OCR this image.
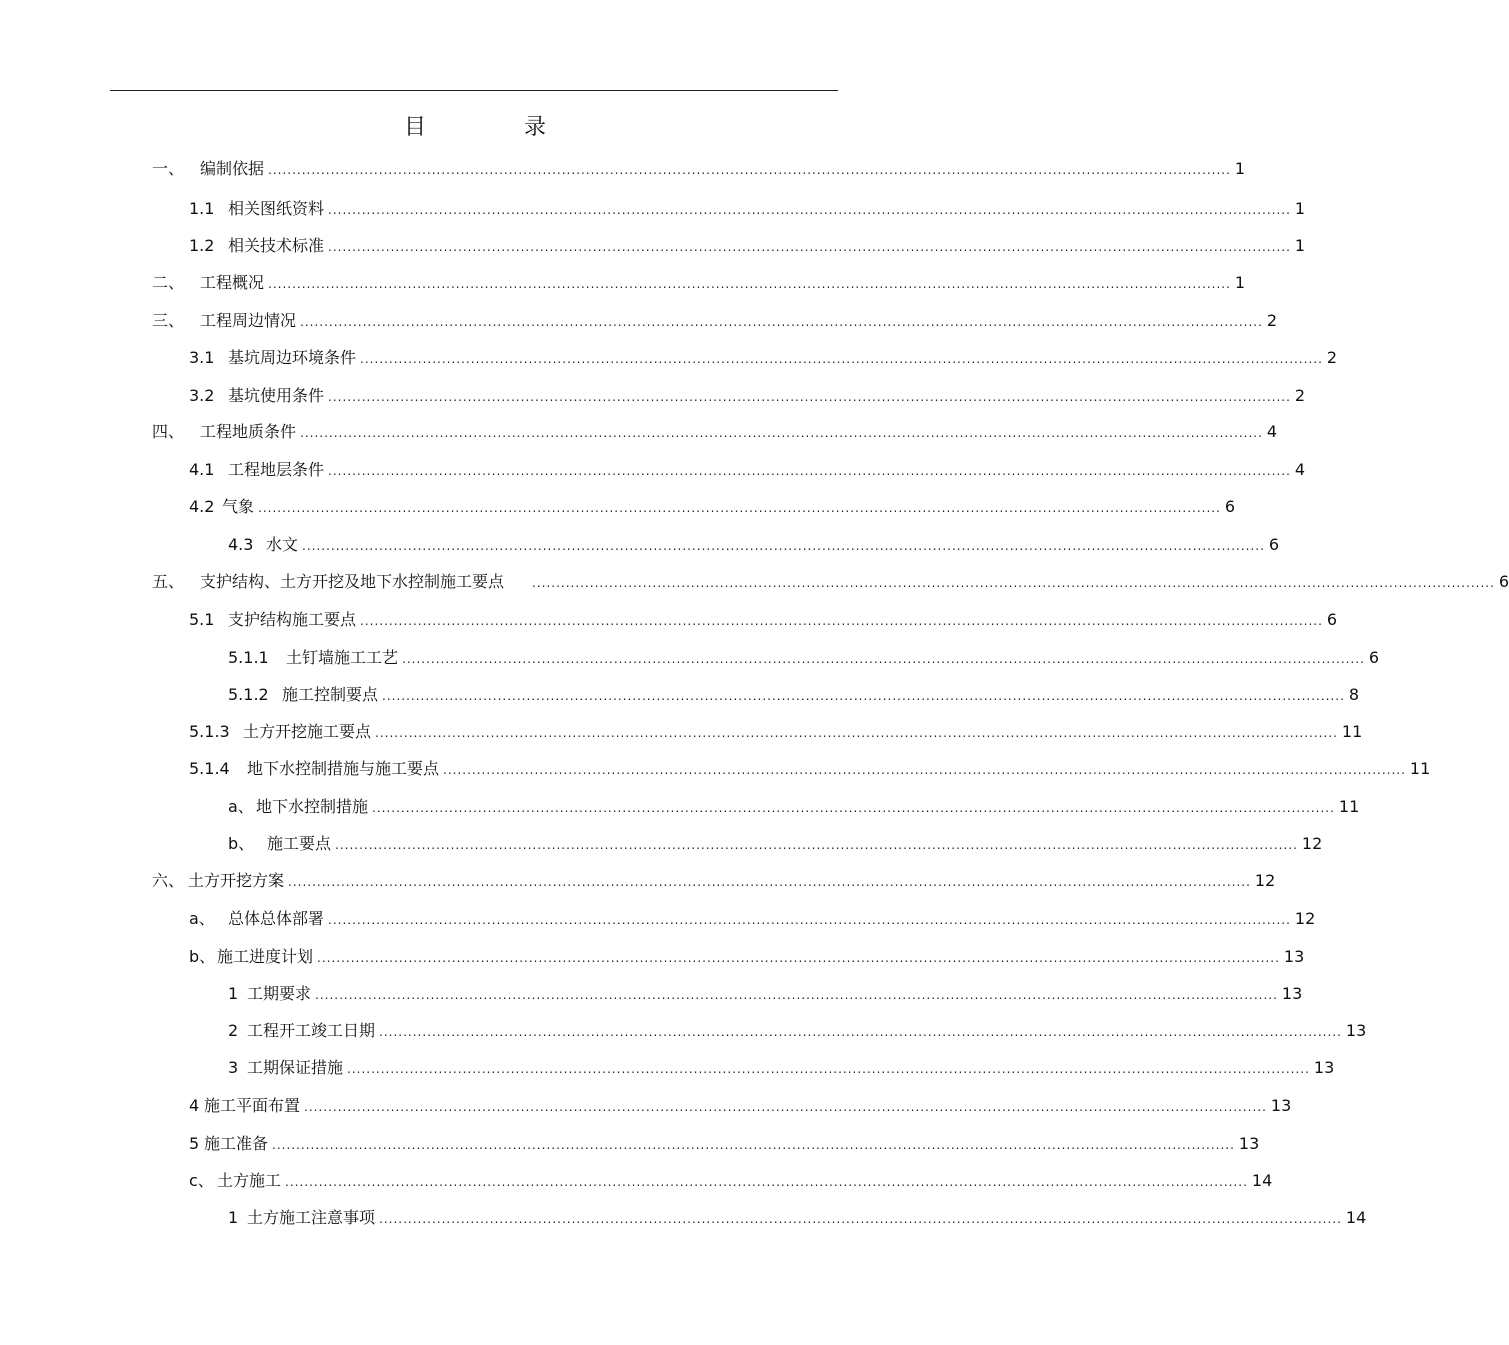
目　录
一、 编制依据 ........................................................................................................................................................................................................ 1
1.1 相关图纸资料 ........................................................................................................................................................................................................ 1
1.2 相关技术标准 ........................................................................................................................................................................................................ 1
二、 工程概况 ........................................................................................................................................................................................................ 1
三、 工程周边情况 ........................................................................................................................................................................................................ 2
3.1 基坑周边环境条件 ........................................................................................................................................................................................................ 2
3.2 基坑使用条件 ........................................................................................................................................................................................................ 2
四、 工程地质条件 ........................................................................................................................................................................................................ 4
4.1 工程地层条件 ........................................................................................................................................................................................................ 4
4.2 气象 ........................................................................................................................................................................................................ 6
4.3 水文 ........................................................................................................................................................................................................ 6
五、 支护结构、土方开挖及地下水控制施工要点 ........................................................................................................................................................................................................ 6
5.1 支护结构施工要点 ........................................................................................................................................................................................................ 6
5.1.1	土钉墙施工工艺 ........................................................................................................................................................................................................ 6
5.1.2 施工控制要点 ........................................................................................................................................................................................................ 8
5.1.3 土方开挖施工要点 ........................................................................................................................................................................................................ 11
5.1.4	地下水控制措施与施工要点 ........................................................................................................................................................................................................ 11
a、 地下水控制措施 ........................................................................................................................................................................................................ 11
b、 施工要点 ........................................................................................................................................................................................................ 12
六、 土方开挖方案 ........................................................................................................................................................................................................ 12
a、 总体总体部署 ........................................................................................................................................................................................................ 12
b、 施工进度计划 ........................................................................................................................................................................................................ 13
1 工期要求 ........................................................................................................................................................................................................ 13
2 工程开工竣工日期 ........................................................................................................................................................................................................ 13
3 工期保证措施 ........................................................................................................................................................................................................ 13
4 施工平面布置 ........................................................................................................................................................................................................ 13
5 施工准备 ........................................................................................................................................................................................................ 13
c、 土方施工 ........................................................................................................................................................................................................ 14
1 土方施工注意事项 ........................................................................................................................................................................................................ 14
